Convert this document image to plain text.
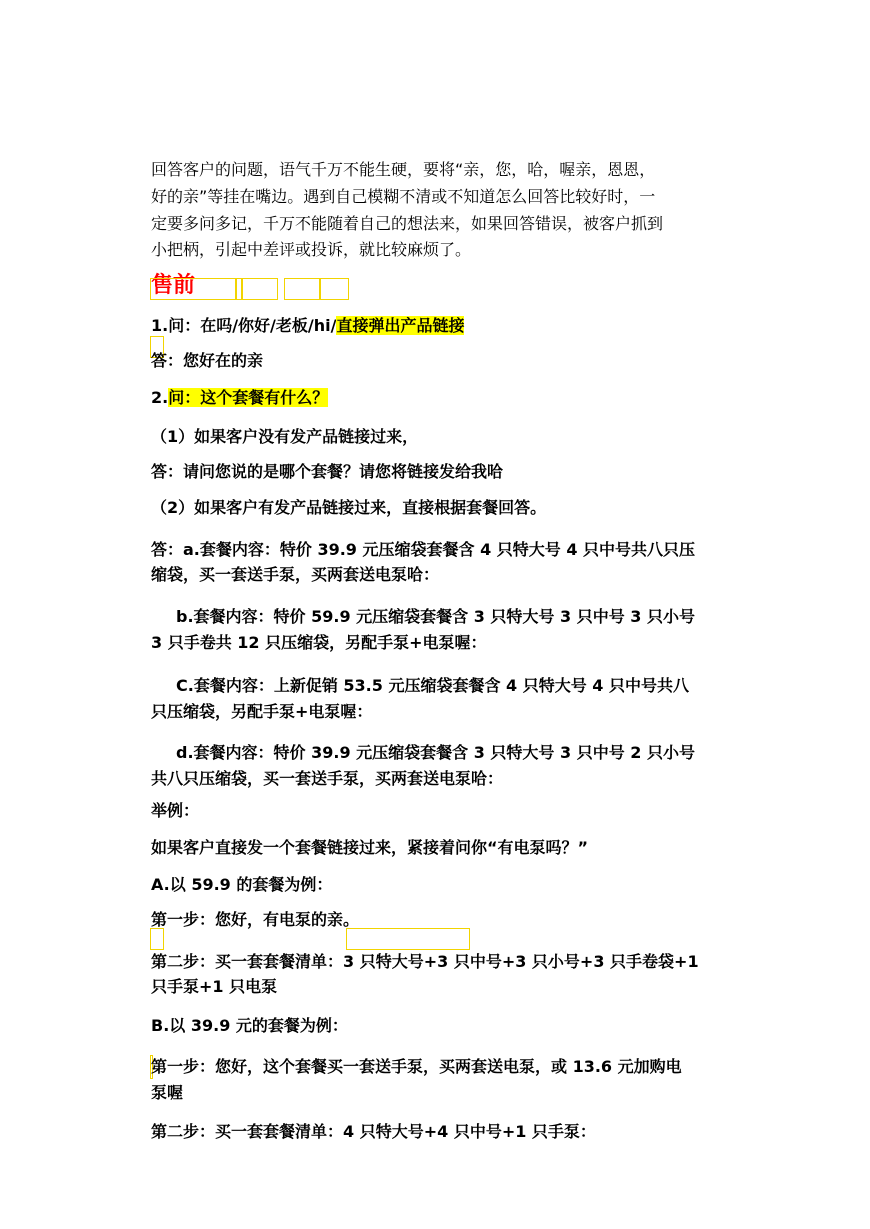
回答客户的问题，语气千万不能生硬，要将“亲，您，哈，喔亲，恩恩，
好的亲”等挂在嘴边。遇到自己模糊不清或不知道怎么回答比较好时，一
定要多问多记，千万不能随着自己的想法来，如果回答错误，被客户抓到
小把柄，引起中差评或投诉，就比较麻烦了。
售前
1.问：在吗/你好/老板/hi/直接弹出产品链接
答：您好在的亲
2.问：这个套餐有什么？
（1）如果客户没有发产品链接过来，
答：请问您说的是哪个套餐？请您将链接发给我哈
（2）如果客户有发产品链接过来，直接根据套餐回答。
答：a.套餐内容：特价 39.9 元压缩袋套餐含 4 只特大号 4 只中号共八只压
缩袋，买一套送手泵，买两套送电泵哈：
b.套餐内容：特价 59.9 元压缩袋套餐含 3 只特大号 3 只中号 3 只小号
3 只手卷共 12 只压缩袋，另配手泵+电泵喔：
C.套餐内容：上新促销 53.5 元压缩袋套餐含 4 只特大号 4 只中号共八
只压缩袋，另配手泵+电泵喔：
d.套餐内容：特价 39.9 元压缩袋套餐含 3 只特大号 3 只中号 2 只小号
共八只压缩袋，买一套送手泵，买两套送电泵哈：
举例：
如果客户直接发一个套餐链接过来，紧接着问你“有电泵吗？”
A.以 59.9 的套餐为例：
第一步：您好，有电泵的亲。
第二步：买一套套餐清单：3 只特大号+3 只中号+3 只小号+3 只手卷袋+1
只手泵+1 只电泵
B.以 39.9 元的套餐为例：
第一步：您好，这个套餐买一套送手泵，买两套送电泵，或 13.6 元加购电
泵喔
第二步：买一套套餐清单：4 只特大号+4 只中号+1 只手泵：
